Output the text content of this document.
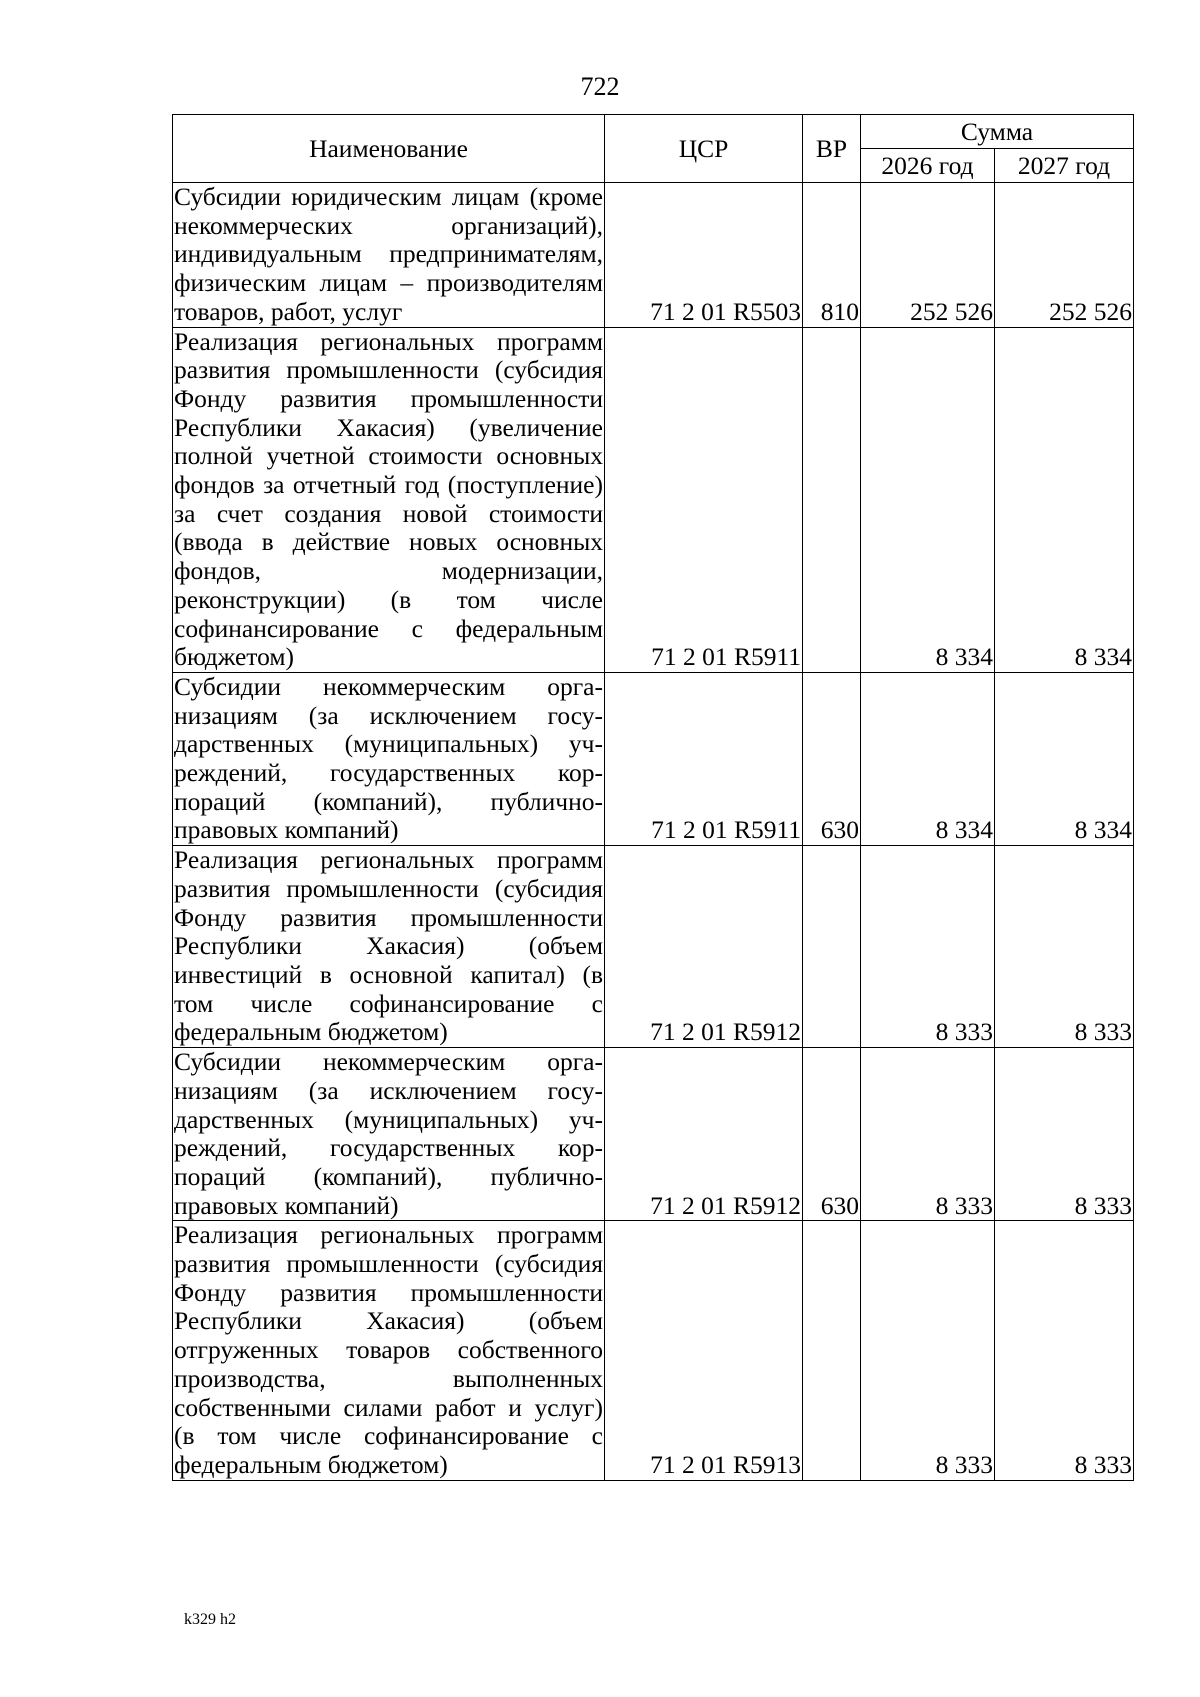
722
Наименование	ЦСР	ВР	Сумма	
			2026 год	2027 год
Субсидии юридическим лицам (кроме некоммерческих организаций), индивидуальным предпринимателям, физическим лицам – производителям товаров, работ, услуг	71 2 01 R5503	810	252 526	252 526
Реализация региональных программ развития промышленности (субсидия Фонду развития промышленности Республики Хакасия) (увеличение полной учетной стоимости основных фондов за отчетный год (поступление) за счет создания новой стоимости (ввода в действие новых основных фондов, модернизации, реконструкции) (в том числе софинансирование с федеральным бюджетом)	71 2 01 R5911		8 334	8 334
Субсидии некоммерческим организациям (за исключением государственных (муниципальных) учреждений, государственных корпораций (компаний), публично-правовых компаний)	71 2 01 R5911	630	8 334	8 334
Реализация региональных программ развития промышленности (субсидия Фонду развития промышленности Республики Хакасия) (объем инвестиций в основной капитал) (в том числе софинансирование с федеральным бюджетом)	71 2 01 R5912		8 333	8 333
Субсидии некоммерческим организациям (за исключением государственных (муниципальных) учреждений, государственных корпораций (компаний), публично-правовых компаний)	71 2 01 R5912	630	8 333	8 333
Реализация региональных программ развития промышленности (субсидия Фонду развития промышленности Республики Хакасия) (объем отгруженных товаров собственного производства, выполненных собственными силами работ и услуг) (в том числе софинансирование с федеральным бюджетом)	71 2 01 R5913		8 333	8 333
k329 h2
